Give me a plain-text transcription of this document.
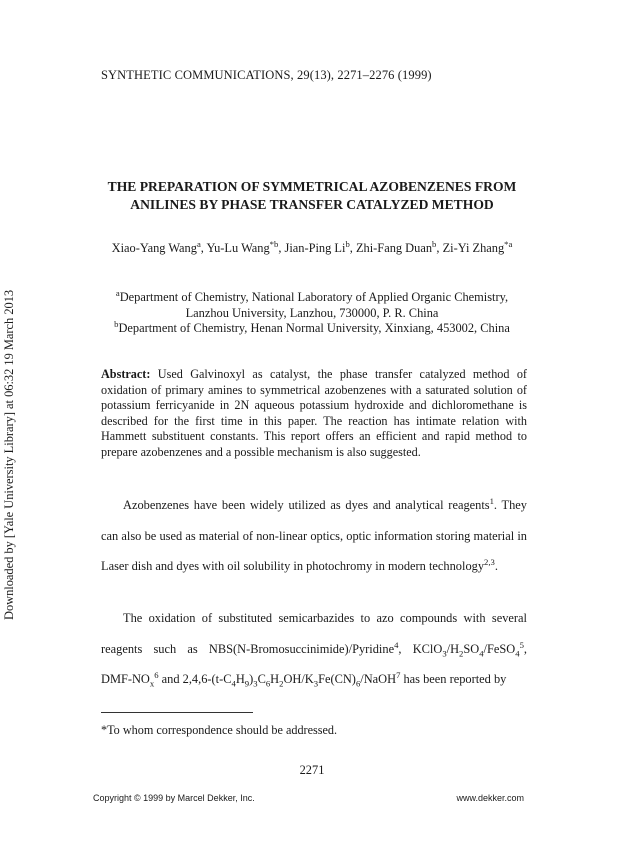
SYNTHETIC COMMUNICATIONS, 29(13), 2271–2276 (1999)
THE PREPARATION OF SYMMETRICAL AZOBENZENES FROM
ANILINES BY PHASE TRANSFER CATALYZED METHOD
Xiao-Yang Wang$^a$, Yu-Lu Wang$^{*b}$, Jian-Ping Li$^b$, Zhi-Fang Duan$^b$, Zi-Yi Zhang$^{*a}$
$^a$Department of Chemistry, National Laboratory of Applied Organic Chemistry,
Lanzhou University, Lanzhou, 730000, P. R. China
$^b$Department of Chemistry, Henan Normal University, Xinxiang, 453002, China
Abstract: Used Galvinoxyl as catalyst, the phase transfer catalyzed method of oxidation of primary amines to symmetrical azobenzenes with a saturated solution of potassium ferricyanide in 2N aqueous potassium hydroxide and dichloromethane is described for the first time in this paper. The reaction has intimate relation with Hammett substituent constants. This report offers an efficient and rapid method to prepare azobenzenes and a possible mechanism is also suggested.
Azobenzenes have been widely utilized as dyes and analytical reagents$^1$. They can also be used as material of non-linear optics, optic information storing material in Laser dish and dyes with oil solubility in photochromy in modern technology$^{2,3}$.
The oxidation of substituted semicarbazides to azo compounds with several reagents such as NBS(N-Bromosuccinimide)/Pyridine$^4$, $KClO_3/H_2SO_4/FeSO_4^5$, DMF-$NO_x^6$ and $2,4,6-(t-C_4H_9)_3C_6H_2OH/K_3Fe(CN)_6/NaOH^7$ has been reported by
*To whom correspondence should be addressed.
2271
Copyright © 1999 by Marcel Dekker, Inc.	www.dekker.com
Downloaded by [Yale University Library] at 06:32 19 March 2013
